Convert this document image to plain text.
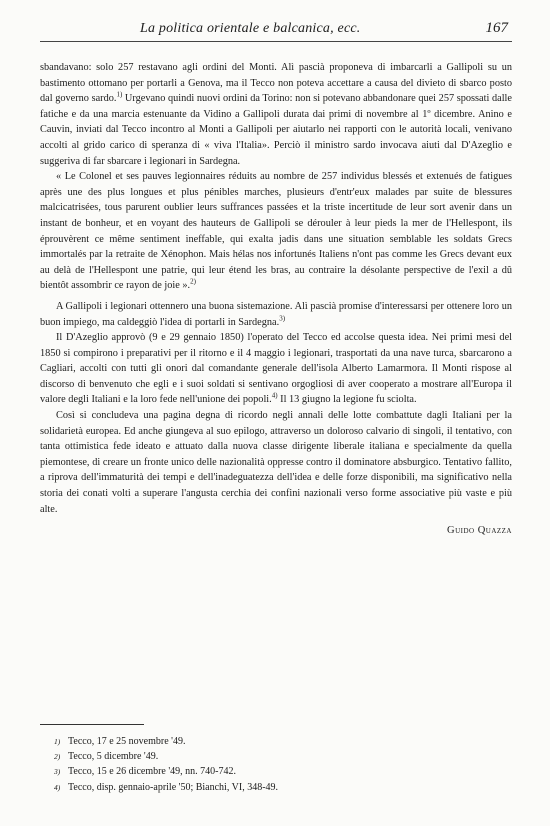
La politica orientale e balcanica, ecc.	167

sbandavano: solo 257 restavano agli ordini del Monti. Alì pascià proponeva di imbarcarli a Gallipoli su un bastimento ottomano per portarli a Genova, ma il Tecco non poteva accettare a causa del divieto di sbarco posto dal governo sardo.$^{1)}$ Urgevano quindi nuovi ordini da Torino: non si potevano abbandonare quei 257 spossati dalle fatiche e da una marcia estenuante da Vidino a Gallipoli durata dai primi di novembre al 1º dicembre. Anino e Cauvin, inviati dal Tecco incontro al Monti a Gallipoli per aiutarlo nei rapporti con le autorità locali, venivano accolti al grido carico di speranza di « viva l'Italia». Perciò il ministro sardo invocava aiuti dal D'Azeglio e suggeriva di far sbarcare i legionari in Sardegna.

« Le Colonel et ses pauves legionnaires réduits au nombre de 257 individus blessés et extenués de fatigues après une des plus longues et plus pénibles marches, plusieurs d'entr'eux malades par suite de blessures malcicatrisées, tous parurent oublier leurs suffrances passées et la triste incertitude de leur sort avenir dans un instant de bonheur, et en voyant des hauteurs de Gallipoli se dérouler à leur pieds la mer de l'Hellespont, ils éprouvèrent ce même sentiment ineffable, qui exalta jadis dans une situation semblable les soldats Grecs immortalés par la retraite de Xénophon. Mais hélas nos infortunés Italiens n'ont pas comme les Grecs devant eux au delà de l'Hellespont une patrie, qui leur étend les bras, au contraire la désolante perspective de l'exil a dû bientôt assombrir ce rayon de joie ».$^{2)}$

A Gallipoli i legionari ottennero una buona sistemazione. Alì pascià promise d'interessarsi per ottenere loro un buon impiego, ma caldeggiò l'idea di portarli in Sardegna.$^{3)}$

Il D'Azeglio approvò (9 e 29 gennaio 1850) l'operato del Tecco ed accolse questa idea. Nei primi mesi del 1850 si compirono i preparativi per il ritorno e il 4 maggio i legionari, trasportati da una nave turca, sbarcarono a Cagliari, accolti con tutti gli onori dal comandante generale dell'isola Alberto Lamarmora. Il Monti rispose al discorso di benvenuto che egli e i suoi soldati si sentivano orgogliosi di aver cooperato a mostrare all'Europa il valore degli Italiani e la loro fede nell'unione dei popoli.$^{4)}$ Il 13 giugno la legione fu sciolta.

Così si concludeva una pagina degna di ricordo negli annali delle lotte combattute dagli Italiani per la solidarietà europea. Ed anche giungeva al suo epilogo, attraverso un doloroso calvario di singoli, il tentativo, con tanta ottimistica fede ideato e attuato dalla nuova classe dirigente liberale italiana e specialmente da quella piemontese, di creare un fronte unico delle nazionalità oppresse contro il dominatore absburgico. Tentativo fallito, a riprova dell'immaturità dei tempi e dell'inadeguatezza dell'idea e delle forze disponibili, ma significativo nella storia dei conati volti a superare l'angusta cerchia dei confini nazionali verso forme associative più vaste e più alte.

Guido Quazza
1) Tecco, 17 e 25 novembre '49.
2) Tecco, 5 dicembre '49.
3) Tecco, 15 e 26 dicembre '49, nn. 740-742.
4) Tecco, disp. gennaio-aprile '50; Bianchi, VI, 348-49.
